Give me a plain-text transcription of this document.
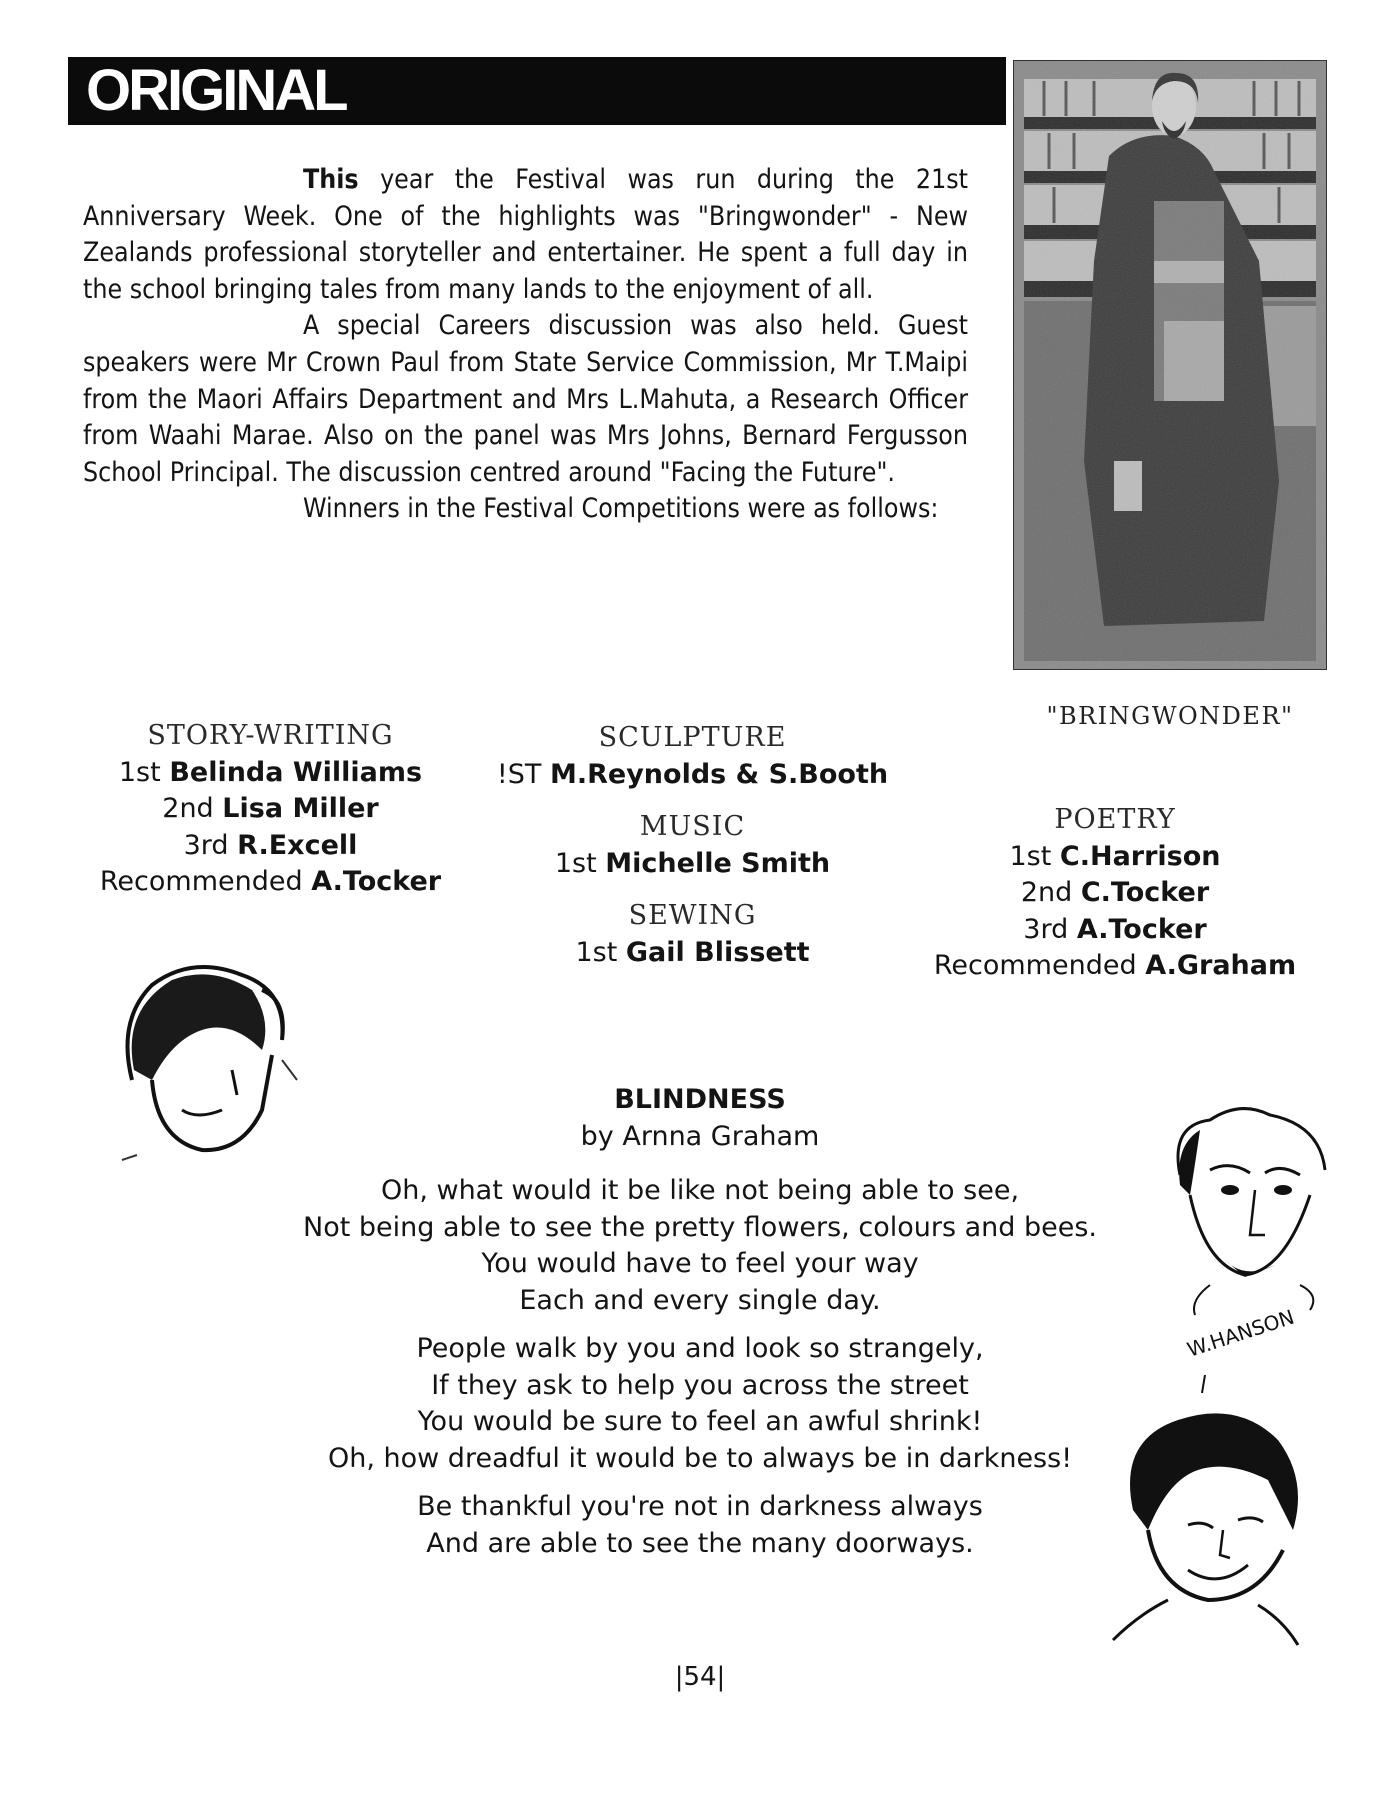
ORIGINAL
"BRINGWONDER"

This year the Festival was run during the 21st Anniversary Week. One of the highlights was "Bringwonder" - New Zealands professional storyteller and entertainer. He spent a full day in the school bringing tales from many lands to the enjoyment of all.

A special Careers discussion was also held. Guest speakers were Mr Crown Paul from State Service Commission, Mr T.Maipi from the Maori Affairs Department and Mrs L.Mahuta, a Research Officer from Waahi Marae. Also on the panel was Mrs Johns, Bernard Fergusson School Principal. The discussion centred around "Facing the Future".

Winners in the Festival Competitions were as follows:

STORY-WRITING
1st Belinda Williams
2nd Lisa Miller
3rd R.Excell
Recommended A.Tocker
SCULPTURE
!ST M.Reynolds & S.Booth
MUSIC
1st Michelle Smith
SEWING
1st Gail Blissett
POETRY
1st C.Harrison
2nd C.Tocker
3rd A.Tocker
Recommended A.Graham
W.HANSON
BLINDNESS
by Arnna Graham
Oh, what would it be like not being able to see,
Not being able to see the pretty flowers, colours and bees.
You would have to feel your way
Each and every single day.
People walk by you and look so strangely,
If they ask to help you across the street
You would be sure to feel an awful shrink!
Oh, how dreadful it would be to always be in darkness!
Be thankful you're not in darkness always
And are able to see the many doorways.
|54|
